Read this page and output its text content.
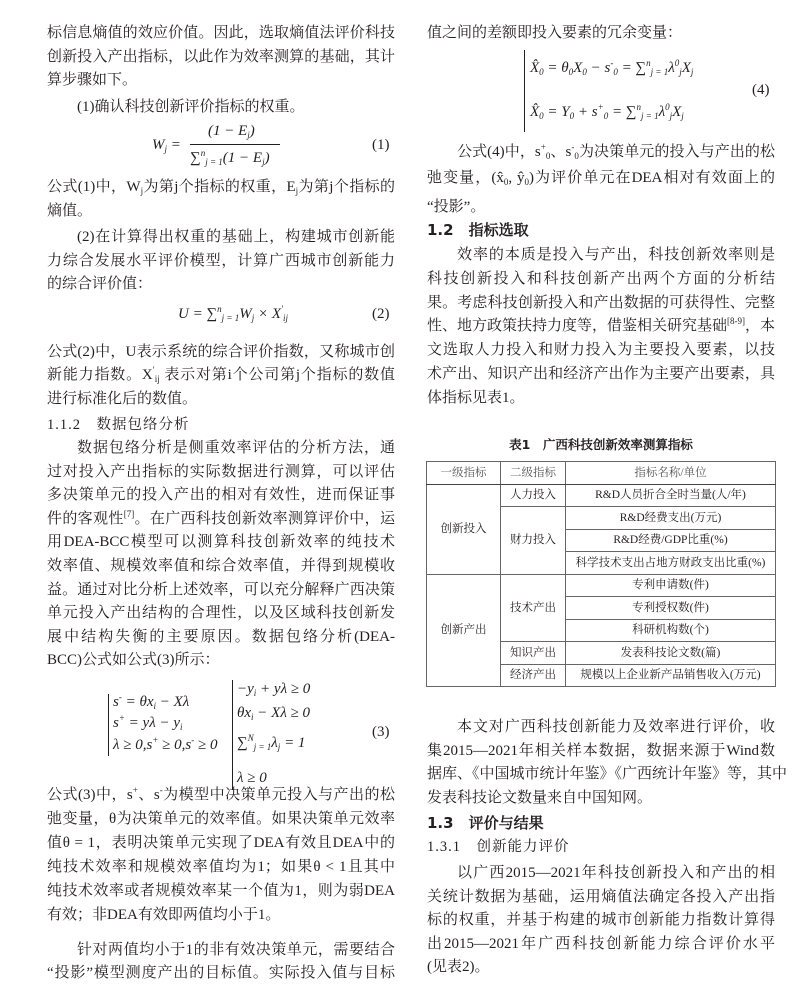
标信息熵值的效应价值。因此，选取熵值法评价科技
创新投入产出指标，以此作为效率测算的基础，其计
算步骤如下。
(1)确认科技创新评价指标的权重。
公式(1)中，$W_j$为第j个指标的权重，$E_j$为第j个指标的
熵值。
(2)在计算得出权重的基础上，构建城市创新能
力综合发展水平评价模型，计算广西城市创新能力
的综合评价值：
公式(2)中，U表示系统的综合评价指数，又称城市创
新能力指数。$X'_{ij}$ 表示对第i个公司第j个指标的数值
进行标准化后的数值。
数据包络分析是侧重效率评估的分析方法，通
过对投入产出指标的实际数据进行测算，可以评估
多决策单元的投入产出的相对有效性，进而保证事
件的客观性[7]。在广西科技创新效率测算评价中，运
用DEA-BCC模型可以测算科技创新效率的纯技术
效率值、规模效率值和综合效率值，并得到规模收
益。通过对比分析上述效率，可以充分解释广西决策
单元投入产出结构的合理性，以及区域科技创新发
展中结构失衡的主要原因。数据包络分析(DEA-
BCC)公式如公式(3)所示：
公式(3)中，s+、s-为模型中决策单元投入与产出的松
弛变量，θ为决策单元的效率值。如果决策单元效率
值θ = 1，表明决策单元实现了DEA有效且DEA中的
纯技术效率和规模效率值均为1；如果θ < 1且其中
纯技术效率或者规模效率某一个值为1，则为弱DEA
有效；非DEA有效即两值均小于1。
针对两值均小于1的非有效决策单元，需要结合
“投影”模型测度产出的目标值。实际投入值与目标
1.1.2　数据包络分析
值之间的差额即投入要素的冗余变量：
公式(4)中，$s^+_0$、$s^-_0$为决策单元的投入与产出的松
弛变量，($x̂_0$, $ŷ_0$)为评价单元在DEA相对有效面上的
“投影”。
效率的本质是投入与产出，科技创新效率则是
科技创新投入和科技创新产出两个方面的分析结
果。考虑科技创新投入和产出数据的可获得性、完整
性、地方政策扶持力度等，借鉴相关研究基础[8-9]，本
文选取人力投入和财力投入为主要投入要素，以技
术产出、知识产出和经济产出作为主要产出要素，具
体指标见表1。
本文对广西科技创新能力及效率进行评价，收
集2015—2021年相关样本数据，数据来源于Wind数
据库、《中国城市统计年鉴》《广西统计年鉴》等，其中
发表科技论文数量来自中国知网。
以广西2015—2021年科技创新投入和产出的相
关统计数据为基础，运用熵值法确定各投入产出指
标的权重，并基于构建的城市创新能力指数计算得
出2015—2021年广西科技创新能力综合评价水平
(见表2)。
1.2　指标选取
1.3　评价与结果
1.3.1　创新能力评价
$W_j$ =
$(1 - E_j)$
$\sum^n_{j = 1}(1 - E_j)$
(1)
$U = \sum^n_{j = 1}W_j \times X'_{ij}$	(2)
$s^- = \theta x_i - X\lambda$
$s^+ = y\lambda - y_i$
λ ≥ 0,s+ ≥ 0,s- ≥ 0
$-y_i + y\lambda \ge 0$
$\theta x_i - X\lambda \ge 0$
$\sum^N_{j = 1}\lambda_j = 1$
λ ≥ 0
(3)
$X̂_0 = \theta_0X_0 - s^-_0 = \sum^n_{j = 1}\lambda^0_jX_j$
$X̂_0 = Y_0 + s^+_0 = \sum^n_{j = 1}\lambda^0_jX_j$
(4)
表1　广西科技创新效率测算指标
一级指标	二级指标	指标名称/单位
创新投入	人力投入	R&D人员折合全时当量(人/年)
	财力投入	R&D经费支出(万元)
		R&D经费/GDP比重(%)
		科学技术支出占地方财政支出比重(%)
创新产出	技术产出	专利申请数(件)
		专利授权数(件)
		科研机构数(个)
	知识产出	发表科技论文数(篇)
	经济产出	规模以上企业新产品销售收入(万元)
